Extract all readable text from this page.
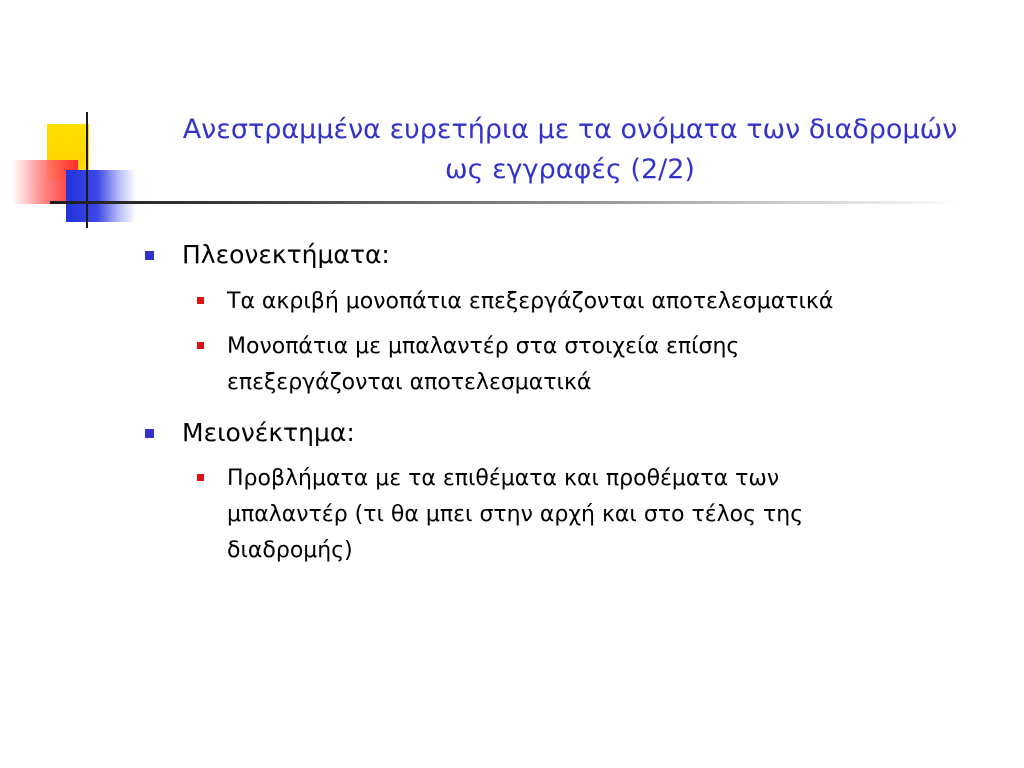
Ανεστραμμένα ευρετήρια με τα ονόματα των διαδρομών
ως εγγραφές (2/2)
Πλεονεκτήματα:
Τα ακριβή μονοπάτια επεξεργάζονται αποτελεσματικά
Μονοπάτια με μπαλαντέρ στα στοιχεία επίσης
επεξεργάζονται αποτελεσματικά
Μειονέκτημα:
Προβλήματα με τα επιθέματα και προθέματα των
μπαλαντέρ (τι θα μπει στην αρχή και στο τέλος της
διαδρομής)
